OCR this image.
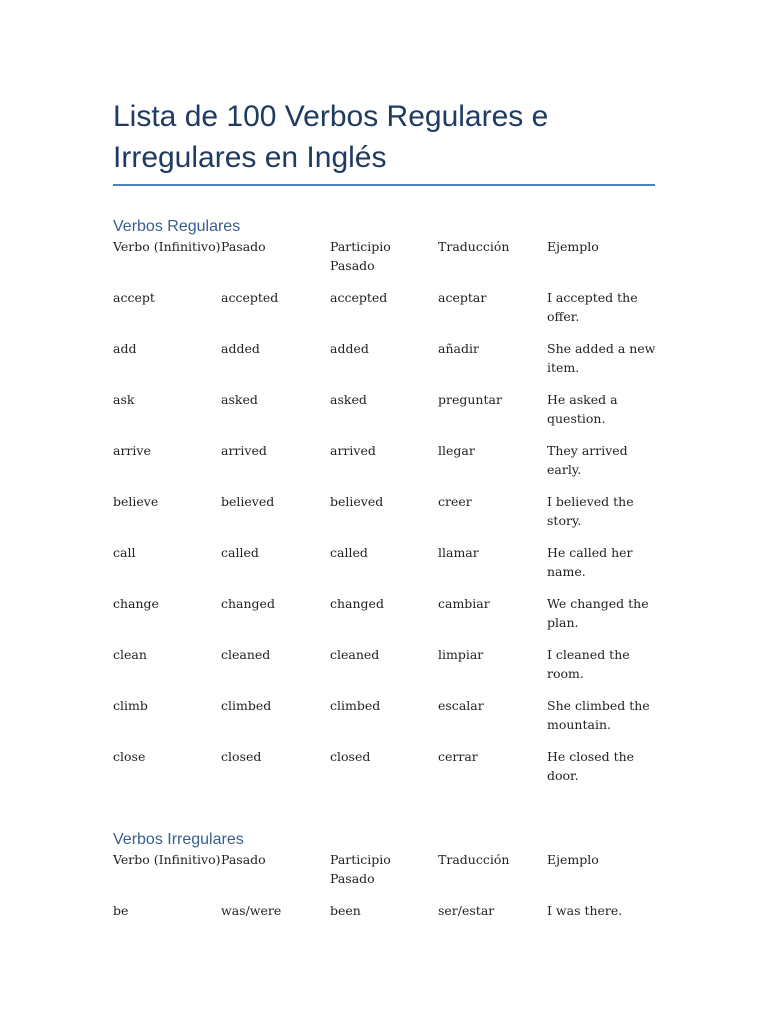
Lista de 100 Verbos Regulares e
Irregulares en Inglés
Verbos Regulares
Verbo (Infinitivo)	Pasado	Participio Pasado	Traducción	Ejemplo
accept	accepted	accepted	aceptar	I accepted the offer.
add	added	added	añadir	She added a new item.
ask	asked	asked	preguntar	He asked a question.
arrive	arrived	arrived	llegar	They arrived early.
believe	believed	believed	creer	I believed the story.
call	called	called	llamar	He called her name.
change	changed	changed	cambiar	We changed the plan.
clean	cleaned	cleaned	limpiar	I cleaned the room.
climb	climbed	climbed	escalar	She climbed the mountain.
close	closed	closed	cerrar	He closed the door.
Verbos Irregulares
Verbo (Infinitivo)	Pasado	Participio Pasado	Traducción	Ejemplo
be	was/were	been	ser/estar	I was there.
